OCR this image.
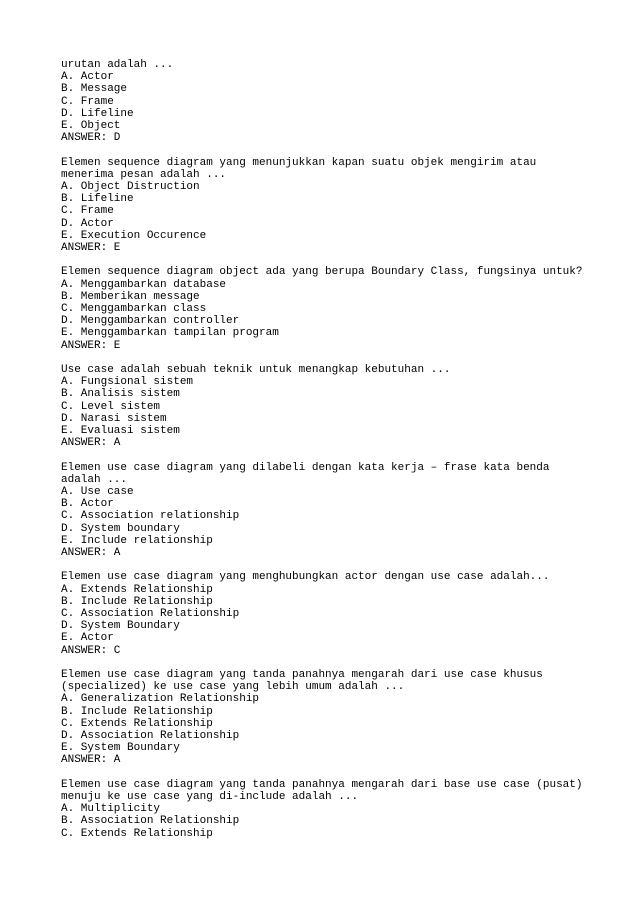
urutan adalah ...
A. Actor
B. Message
C. Frame
D. Lifeline
E. Object
ANSWER: D
Elemen sequence diagram yang menunjukkan kapan suatu objek mengirim atau
menerima pesan adalah ...
A. Object Distruction
B. Lifeline
C. Frame
D. Actor
E. Execution Occurence
ANSWER: E
Elemen sequence diagram object ada yang berupa Boundary Class, fungsinya untuk?
A. Menggambarkan database
B. Memberikan message
C. Menggambarkan class
D. Menggambarkan controller
E. Menggambarkan tampilan program
ANSWER: E
Use case adalah sebuah teknik untuk menangkap kebutuhan ...
A. Fungsional sistem
B. Analisis sistem
C. Level sistem
D. Narasi sistem
E. Evaluasi sistem
ANSWER: A
Elemen use case diagram yang dilabeli dengan kata kerja – frase kata benda
adalah ...
A. Use case
B. Actor
C. Association relationship
D. System boundary
E. Include relationship
ANSWER: A
Elemen use case diagram yang menghubungkan actor dengan use case adalah...
A. Extends Relationship
B. Include Relationship
C. Association Relationship
D. System Boundary
E. Actor
ANSWER: C
Elemen use case diagram yang tanda panahnya mengarah dari use case khusus
(specialized) ke use case yang lebih umum adalah ...
A. Generalization Relationship
B. Include Relationship
C. Extends Relationship
D. Association Relationship
E. System Boundary
ANSWER: A
Elemen use case diagram yang tanda panahnya mengarah dari base use case (pusat)
menuju ke use case yang di-include adalah ...
A. Multiplicity
B. Association Relationship
C. Extends Relationship
